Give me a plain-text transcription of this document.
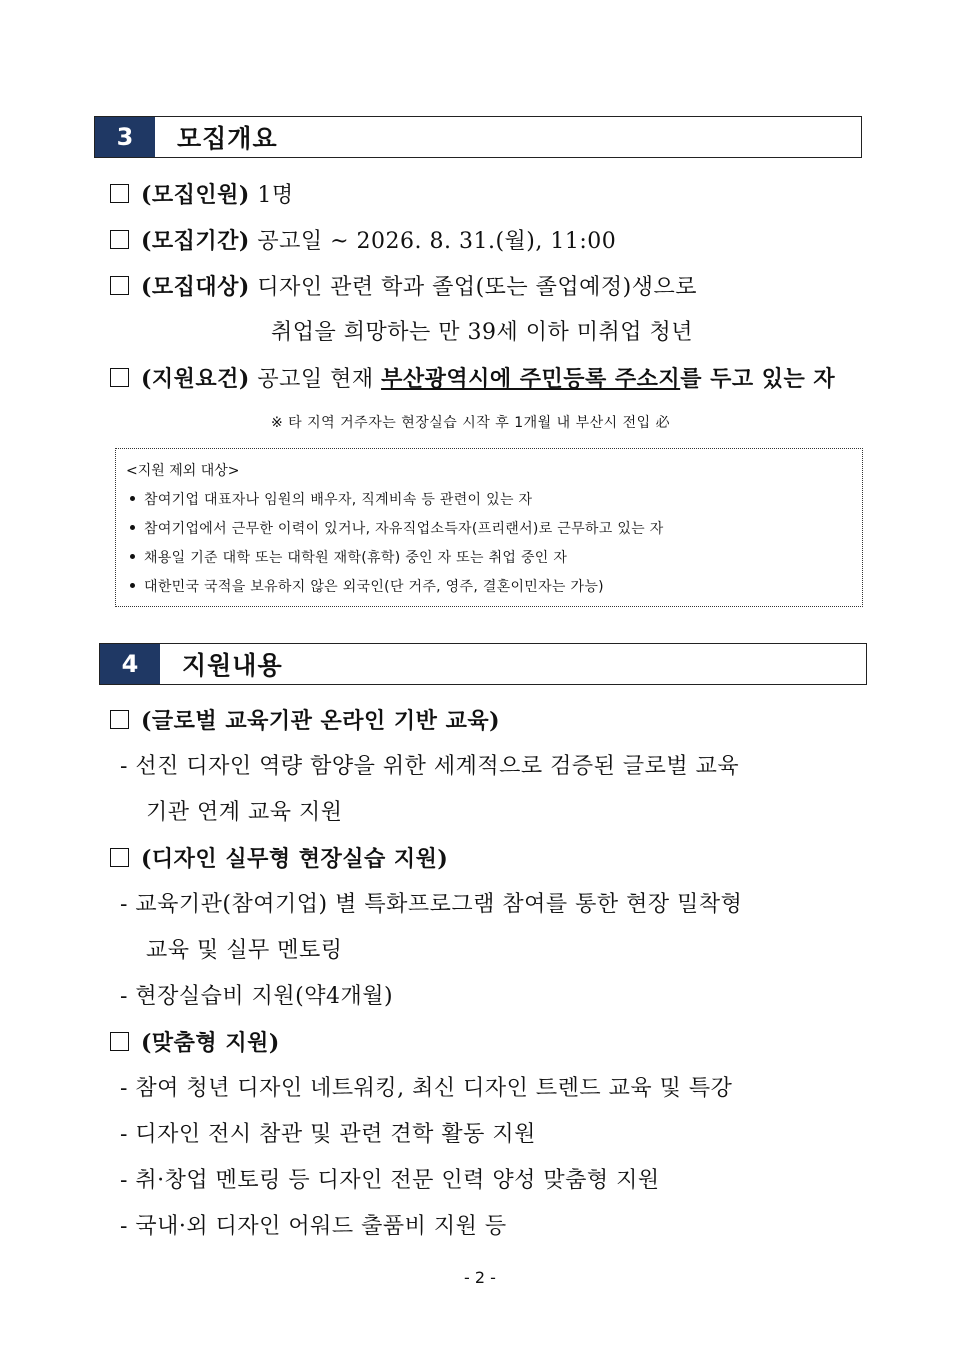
3	모집개요
(모집인원) 1명
(모집기간) 공고일 ~ 2026. 8. 31.(월), 11:00
(모집대상) 디자인 관련 학과 졸업(또는 졸업예정)생으로
취업을 희망하는 만 39세 이하 미취업 청년
(지원요건) 공고일 현재 부산광역시에 주민등록 주소지를 두고 있는 자
※ 타 지역 거주자는 현장실습 시작 후 1개월 내 부산시 전입 必
<지원 제외 대상>
참여기업 대표자나 임원의 배우자, 직계비속 등 관련이 있는 자
참여기업에서 근무한 이력이 있거나, 자유직업소득자(프리랜서)로 근무하고 있는 자
채용일 기준 대학 또는 대학원 재학(휴학) 중인 자 또는 취업 중인 자
대한민국 국적을 보유하지 않은 외국인(단 거주, 영주, 결혼이민자는 가능)
4	지원내용
(글로벌 교육기관 온라인 기반 교육)
- 선진 디자인 역량 함양을 위한 세계적으로 검증된 글로벌 교육
기관 연계 교육 지원
(디자인 실무형 현장실습 지원)
- 교육기관(참여기업) 별 특화프로그램 참여를 통한 현장 밀착형
교육 및 실무 멘토링
- 현장실습비 지원(약4개월)
(맞춤형 지원)
- 참여 청년 디자인 네트워킹, 최신 디자인 트렌드 교육 및 특강
- 디자인 전시 참관 및 관련 견학 활동 지원
- 취·창업 멘토링 등 디자인 전문 인력 양성 맞춤형 지원
- 국내·외 디자인 어워드 출품비 지원 등
- 2 -
